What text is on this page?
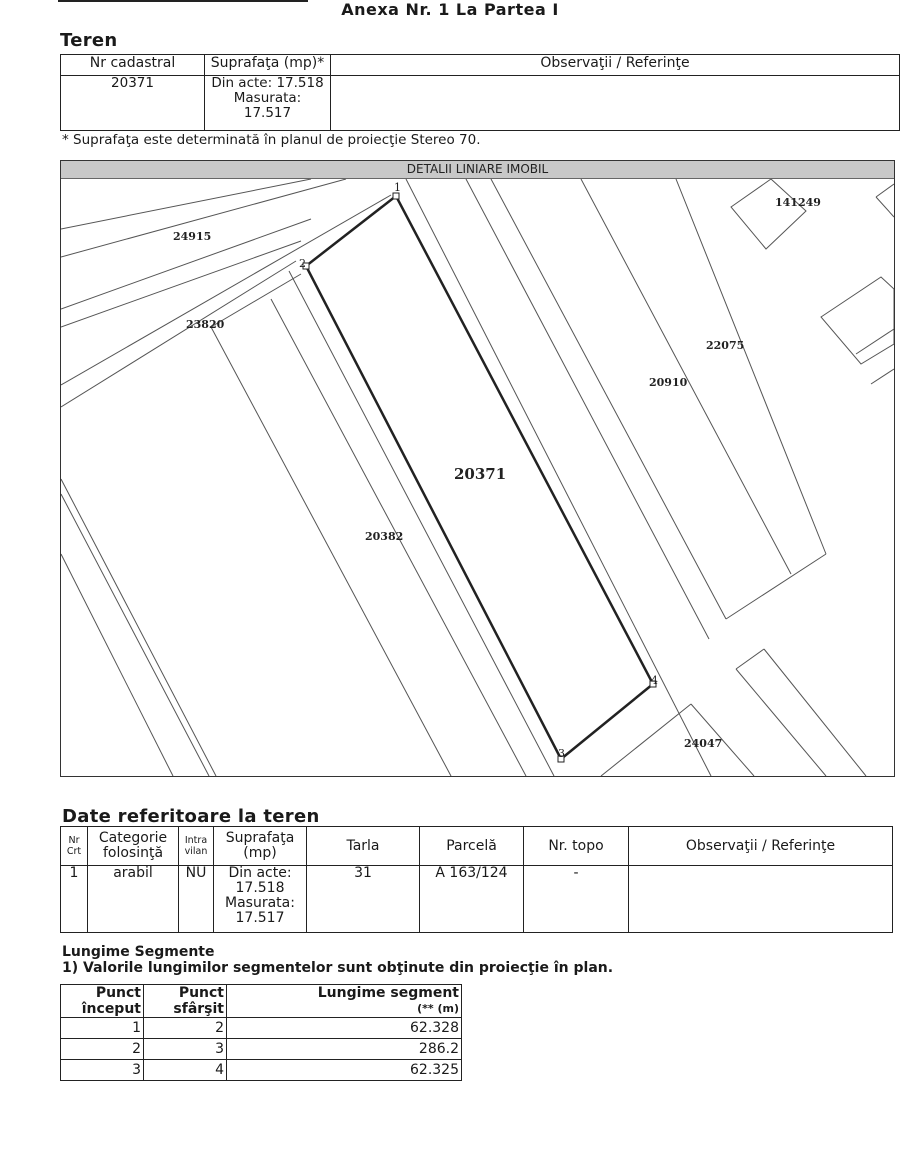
Anexa Nr. 1 La Partea I
Teren
Nr cadastral	Suprafaţa (mp)*	Observaţii / Referinţe
20371	Din acte: 17.518
Masurata:
17.517	

* Suprafaţa este determinată în planul de proiecţie Stereo 70.
DETALII LINIARE IMOBIL
1
2
3
4
24915
23820
20382
20910
22075
141249
24047
20371
Date referitoare la teren
Nr Crt	Categorie folosinţă	Intra vilan	Suprafaţa (mp)	Tarla	Parcelă	Nr. topo	Observaţii / Referinţe
1	arabil	NU	Din acte:
17.518
Masurata:
17.517	31	A 163/124	-	
Lungime Segmente
1) Valorile lungimilor segmentelor sunt obţinute din proiecţie în plan.
Punct început	Punct sfârşit	Lungime segment
(** (m)

1	2	62.328
2	3	286.2
3	4	62.325
